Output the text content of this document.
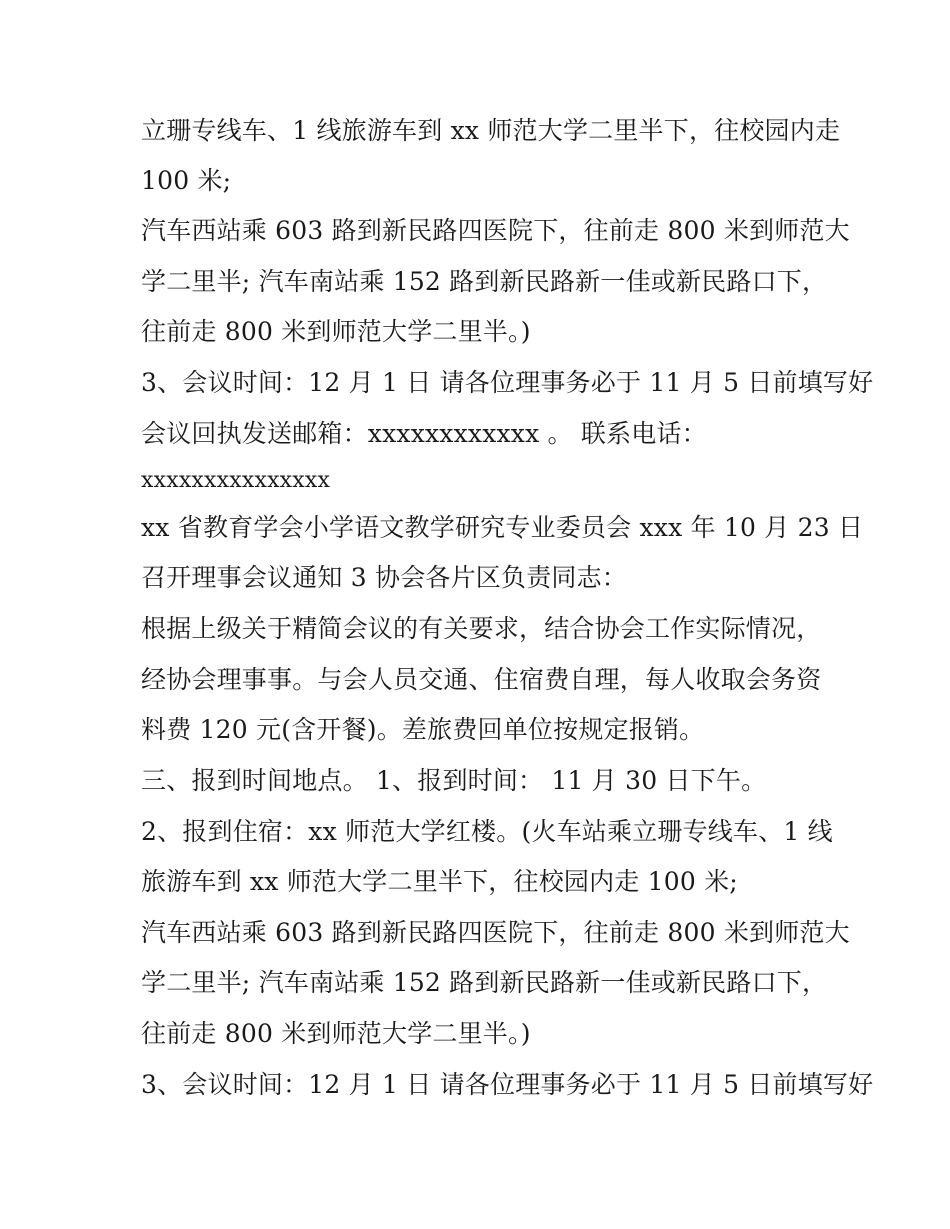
立珊专线车、1 线旅游车到 xx 师范大学二里半下，往校园内走
100 米;
汽车西站乘 603 路到新民路四医院下，往前走 800 米到师范大
学二里半; 汽车南站乘 152 路到新民路新一佳或新民路口下，
往前走 800 米到师范大学二里半。)
3、会议时间：12 月 1 日 请各位理事务必于 11 月 5 日前填写好
会议回执发送邮箱：xxxxxxxxxxxx 。 联系电话：
xxxxxxxxxxxxxxx
xx 省教育学会小学语文教学研究专业委员会 xxx 年 10 月 23 日
召开理事会议通知 3 协会各片区负责同志：
根据上级关于精简会议的有关要求，结合协会工作实际情况，
经协会理事事。与会人员交通、住宿费自理，每人收取会务资
料费 120 元(含开餐)。差旅费回单位按规定报销。
三、报到时间地点。 1、报到时间： 11 月 30 日下午。
2、报到住宿：xx 师范大学红楼。(火车站乘立珊专线车、1 线
旅游车到 xx 师范大学二里半下，往校园内走 100 米;
汽车西站乘 603 路到新民路四医院下，往前走 800 米到师范大
学二里半; 汽车南站乘 152 路到新民路新一佳或新民路口下，
往前走 800 米到师范大学二里半。)
3、会议时间：12 月 1 日 请各位理事务必于 11 月 5 日前填写好
